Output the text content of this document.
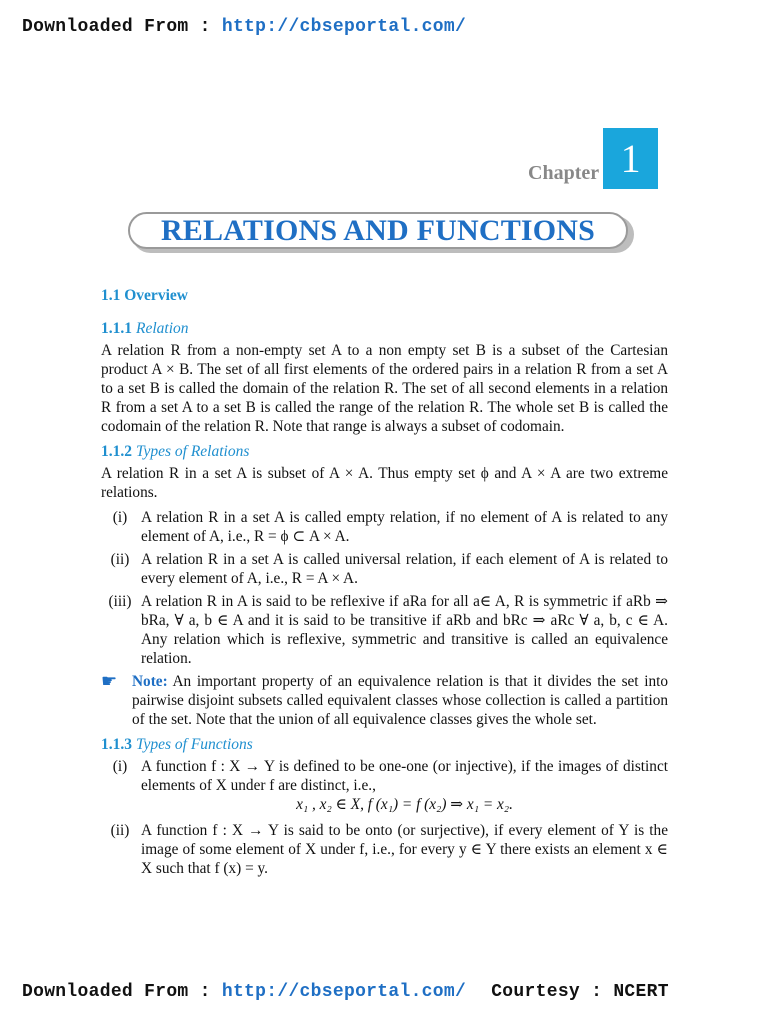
Downloaded From : http://cbseportal.com/
Chapter 1
RELATIONS AND FUNCTIONS
1.1 Overview
1.1.1 Relation

A relation R from a non-empty set A to a non empty set B is a subset of the Cartesian product A × B. The set of all first elements of the ordered pairs in a relation R from a set A to a set B is called the domain of the relation R. The set of all second elements in a relation R from a set A to a set B is called the range of the relation R. The whole set B is called the codomain of the relation R. Note that range is always a subset of codomain.

1.1.2 Types of Relations

A relation R in a set A is subset of A × A. Thus empty set ϕ and A × A are two extreme relations.

(i) A relation R in a set A is called empty relation, if no element of A is related to any element of A, i.e., R = ϕ ⊂ A × A.
(ii) A relation R in a set A is called universal relation, if each element of A is related to every element of A, i.e., R = A × A.
(iii) A relation R in A is said to be reflexive if aRa for all a∈ A, R is symmetric if aRb ⇒ bRa, ∀ a, b ∈ A and it is said to be transitive if aRb and bRc ⇒ aRc ∀ a, b, c ∈ A. Any relation which is reflexive, symmetric and transitive is called an equivalence relation.
☛ Note: An important property of an equivalence relation is that it divides the set into pairwise disjoint subsets called equivalent classes whose collection is called a partition of the set. Note that the union of all equivalence classes gives the whole set.
1.1.3 Types of Functions
(i) A function f : X → Y is defined to be one-one (or injective), if the images of distinct elements of X under f are distinct, i.e.,
x₁ , x₂ ∈ X, f (x₁) = f (x₂) ⇒ x₁ = x₂.
(ii) A function f : X → Y is said to be onto (or surjective), if every element of Y is the image of some element of X under f, i.e., for every y ∈ Y there exists an element x ∈ X such that f (x) = y.
Downloaded From : http://cbseportal.com/ Courtesy : NCERT
